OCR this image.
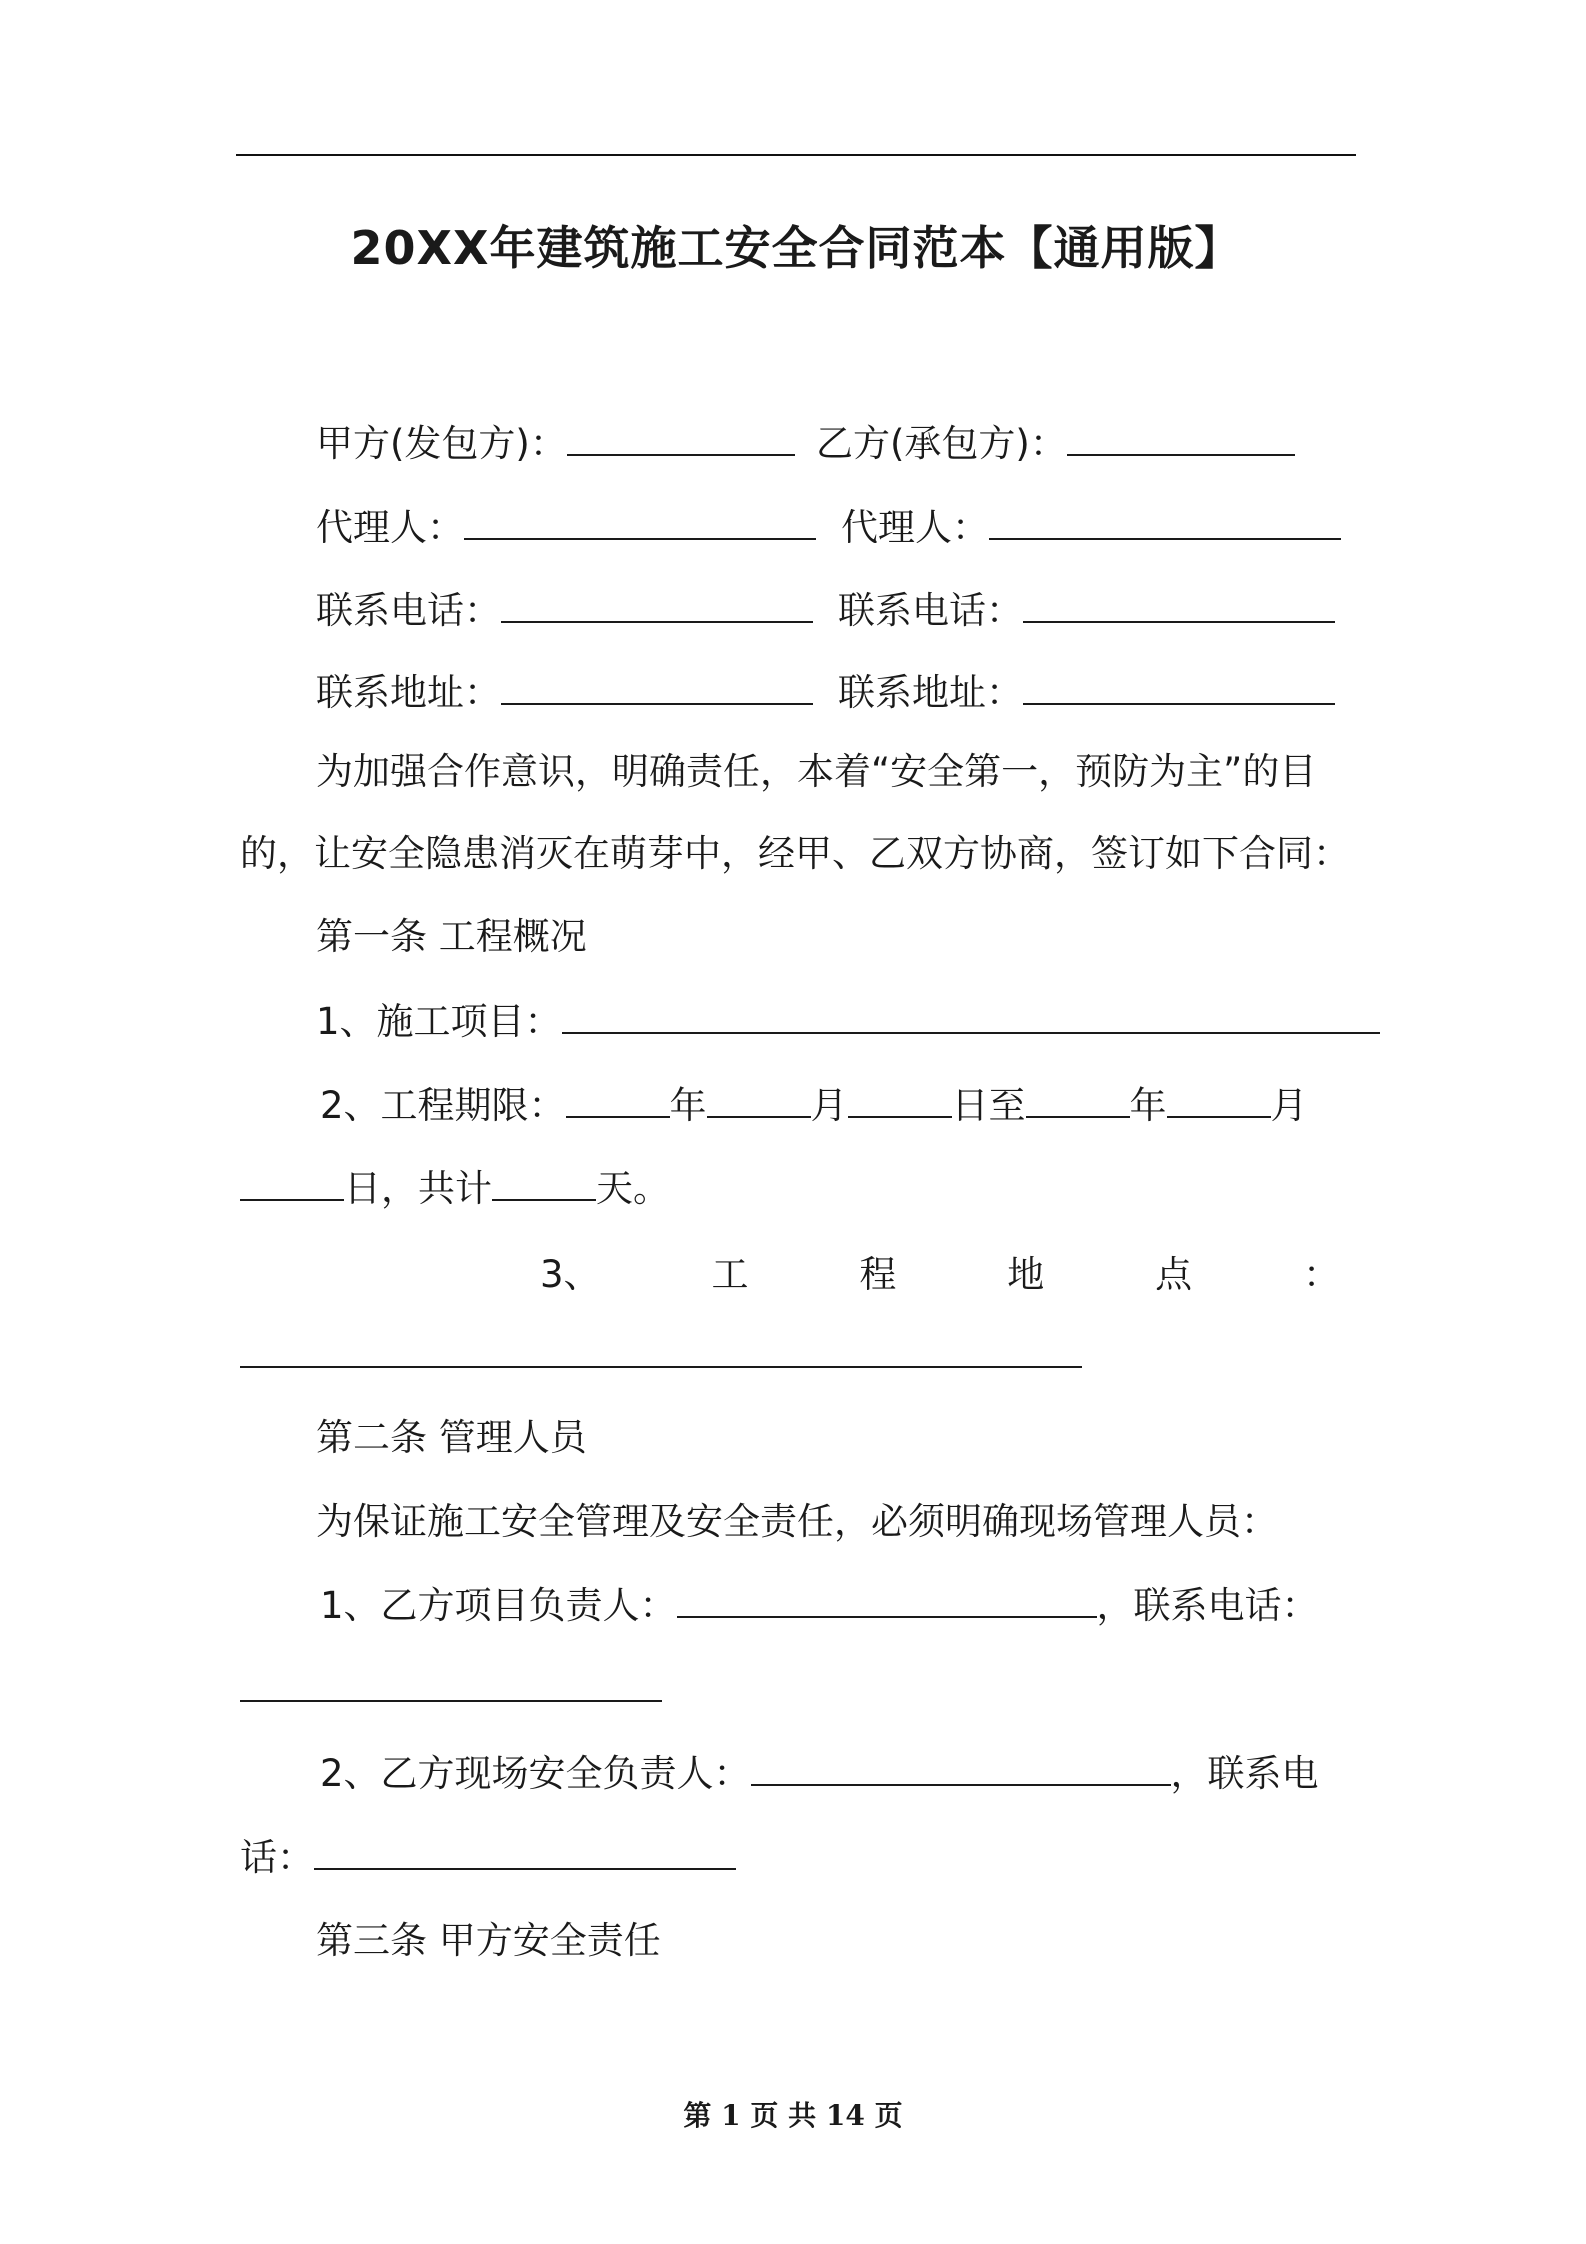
20XX年建筑施工安全合同范本【通用版】
甲方(发包方)：	乙方(承包方)：
代理人：	代理人：
联系电话：	联系电话：
联系地址：	联系地址：
为加强合作意识，明确责任，本着“安全第一，预防为主”的目
的，让安全隐患消灭在萌芽中，经甲、乙双方协商，签订如下合同：
第一条 工程概况
1、施工项目：
2、工程期限：	年	月	日至	年	月
日，共计	天。
3、	工	程	地	点	：
第二条 管理人员
为保证施工安全管理及安全责任，必须明确现场管理人员：
1、乙方项目负责人：	，联系电话：
2、乙方现场安全负责人：	，联系电
话：
第三条 甲方安全责任
第 1 页 共 14 页
